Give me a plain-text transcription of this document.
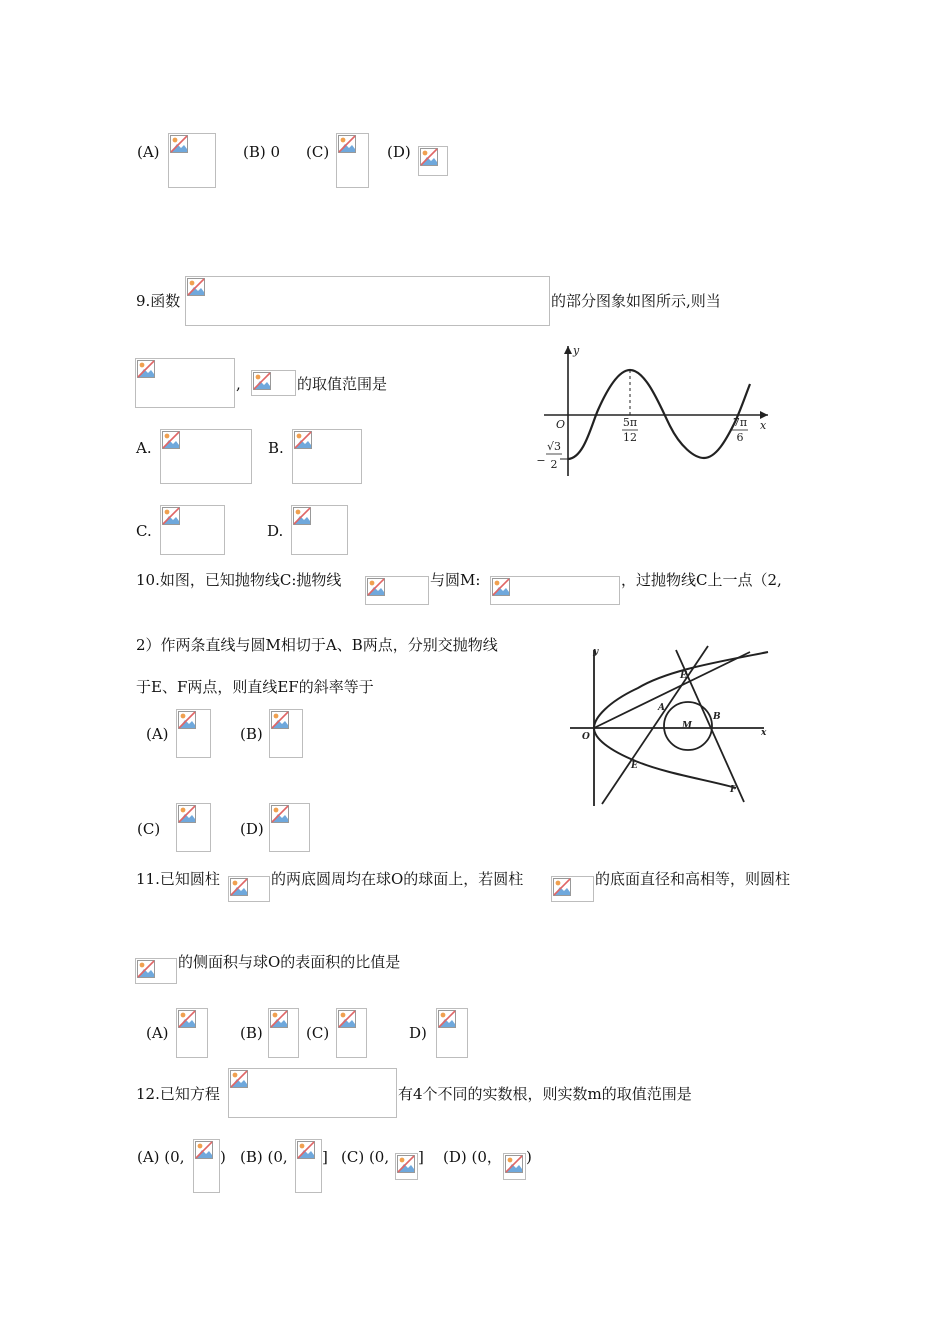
(A)	(B) 0 (C)	(D)
9.函数	的部分图象如图所示,则当
,	的取值范围是
A.	B.
C.	D.
y
x
O	5π
12
7π
6
−
√3
2
10.如图，已知抛物线C:抛物线	与圆M:	，过抛物线C上一点（2,
2）作两条直线与圆M相切于A、B两点，分别交抛物线
于E、F两点，则直线EF的斜率等于
(A)	(B)
(C)	(D)
y
x
O
A
B
M
E
E
F
11.已知圆柱	的两底圆周均在球O的球面上，若圆柱	的底面直径和高相等，则圆柱
的侧面积与球O的表面积的比值是
(A)	(B)	(C)	D)
12.已知方程	有4个不同的实数根，则实数m的取值范围是
(A) (0, ) (B) (0, ] (C) (0, ] (D) (0， )
